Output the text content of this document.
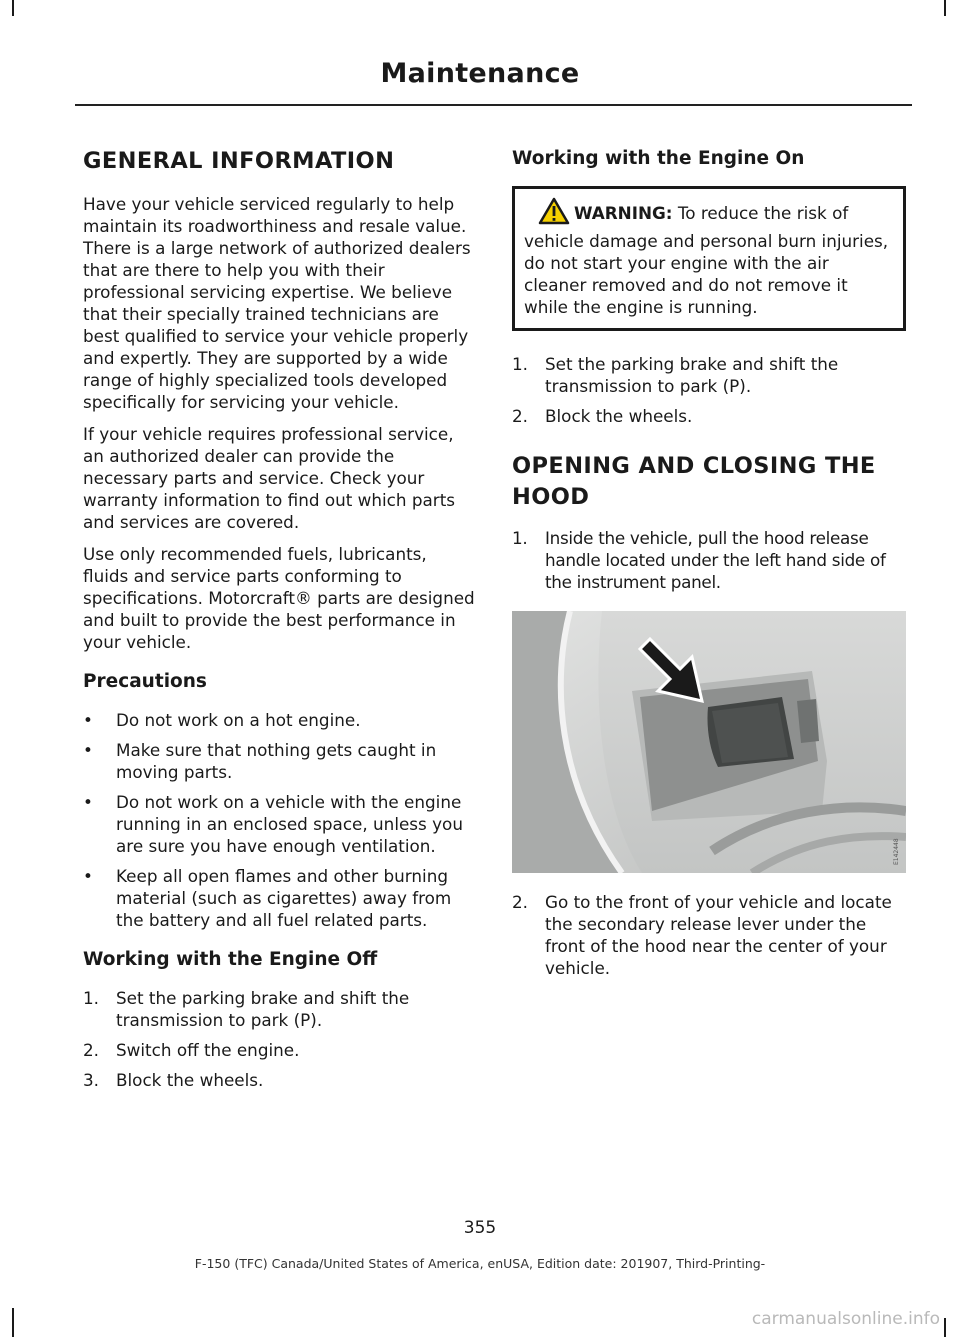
Maintenance
GENERAL INFORMATION

Have your vehicle serviced regularly to help maintain its roadworthiness and resale value. There is a large network of authorized dealers that are there to help you with their professional servicing expertise. We believe that their specially trained technicians are best qualified to service your vehicle properly and expertly. They are supported by a wide range of highly specialized tools developed specifically for servicing your vehicle.

If your vehicle requires professional service, an authorized dealer can provide the necessary parts and service. Check your warranty information to find out which parts and services are covered.

Use only recommended fuels, lubricants, fluids and service parts conforming to specifications. Motorcraft® parts are designed and built to provide the best performance in your vehicle.

Precautions
• Do not work on a hot engine.
• Make sure that nothing gets caught in moving parts.
• Do not work on a vehicle with the engine running in an enclosed space, unless you are sure you have enough ventilation.
• Keep all open flames and other burning material (such as cigarettes) away from the battery and all fuel related parts.
Working with the Engine Off
1. Set the parking brake and shift the transmission to park (P).
2. Switch off the engine.
3. Block the wheels.
Working with the Engine On
WARNING: To reduce the risk of vehicle damage and personal burn injuries, do not start your engine with the air cleaner removed and do not remove it while the engine is running.
1. Set the parking brake and shift the transmission to park (P).
2. Block the wheels.
OPENING AND CLOSING THE
HOOD
1. Inside the vehicle, pull the hood release handle located under the left hand side of the instrument panel.
E142448
2. Go to the front of your vehicle and locate the secondary release lever under the front of the hood near the center of your vehicle.
355
F-150 (TFC) Canada/United States of America, enUSA, Edition date: 201907, Third-Printing-
carmanualsonline.info
